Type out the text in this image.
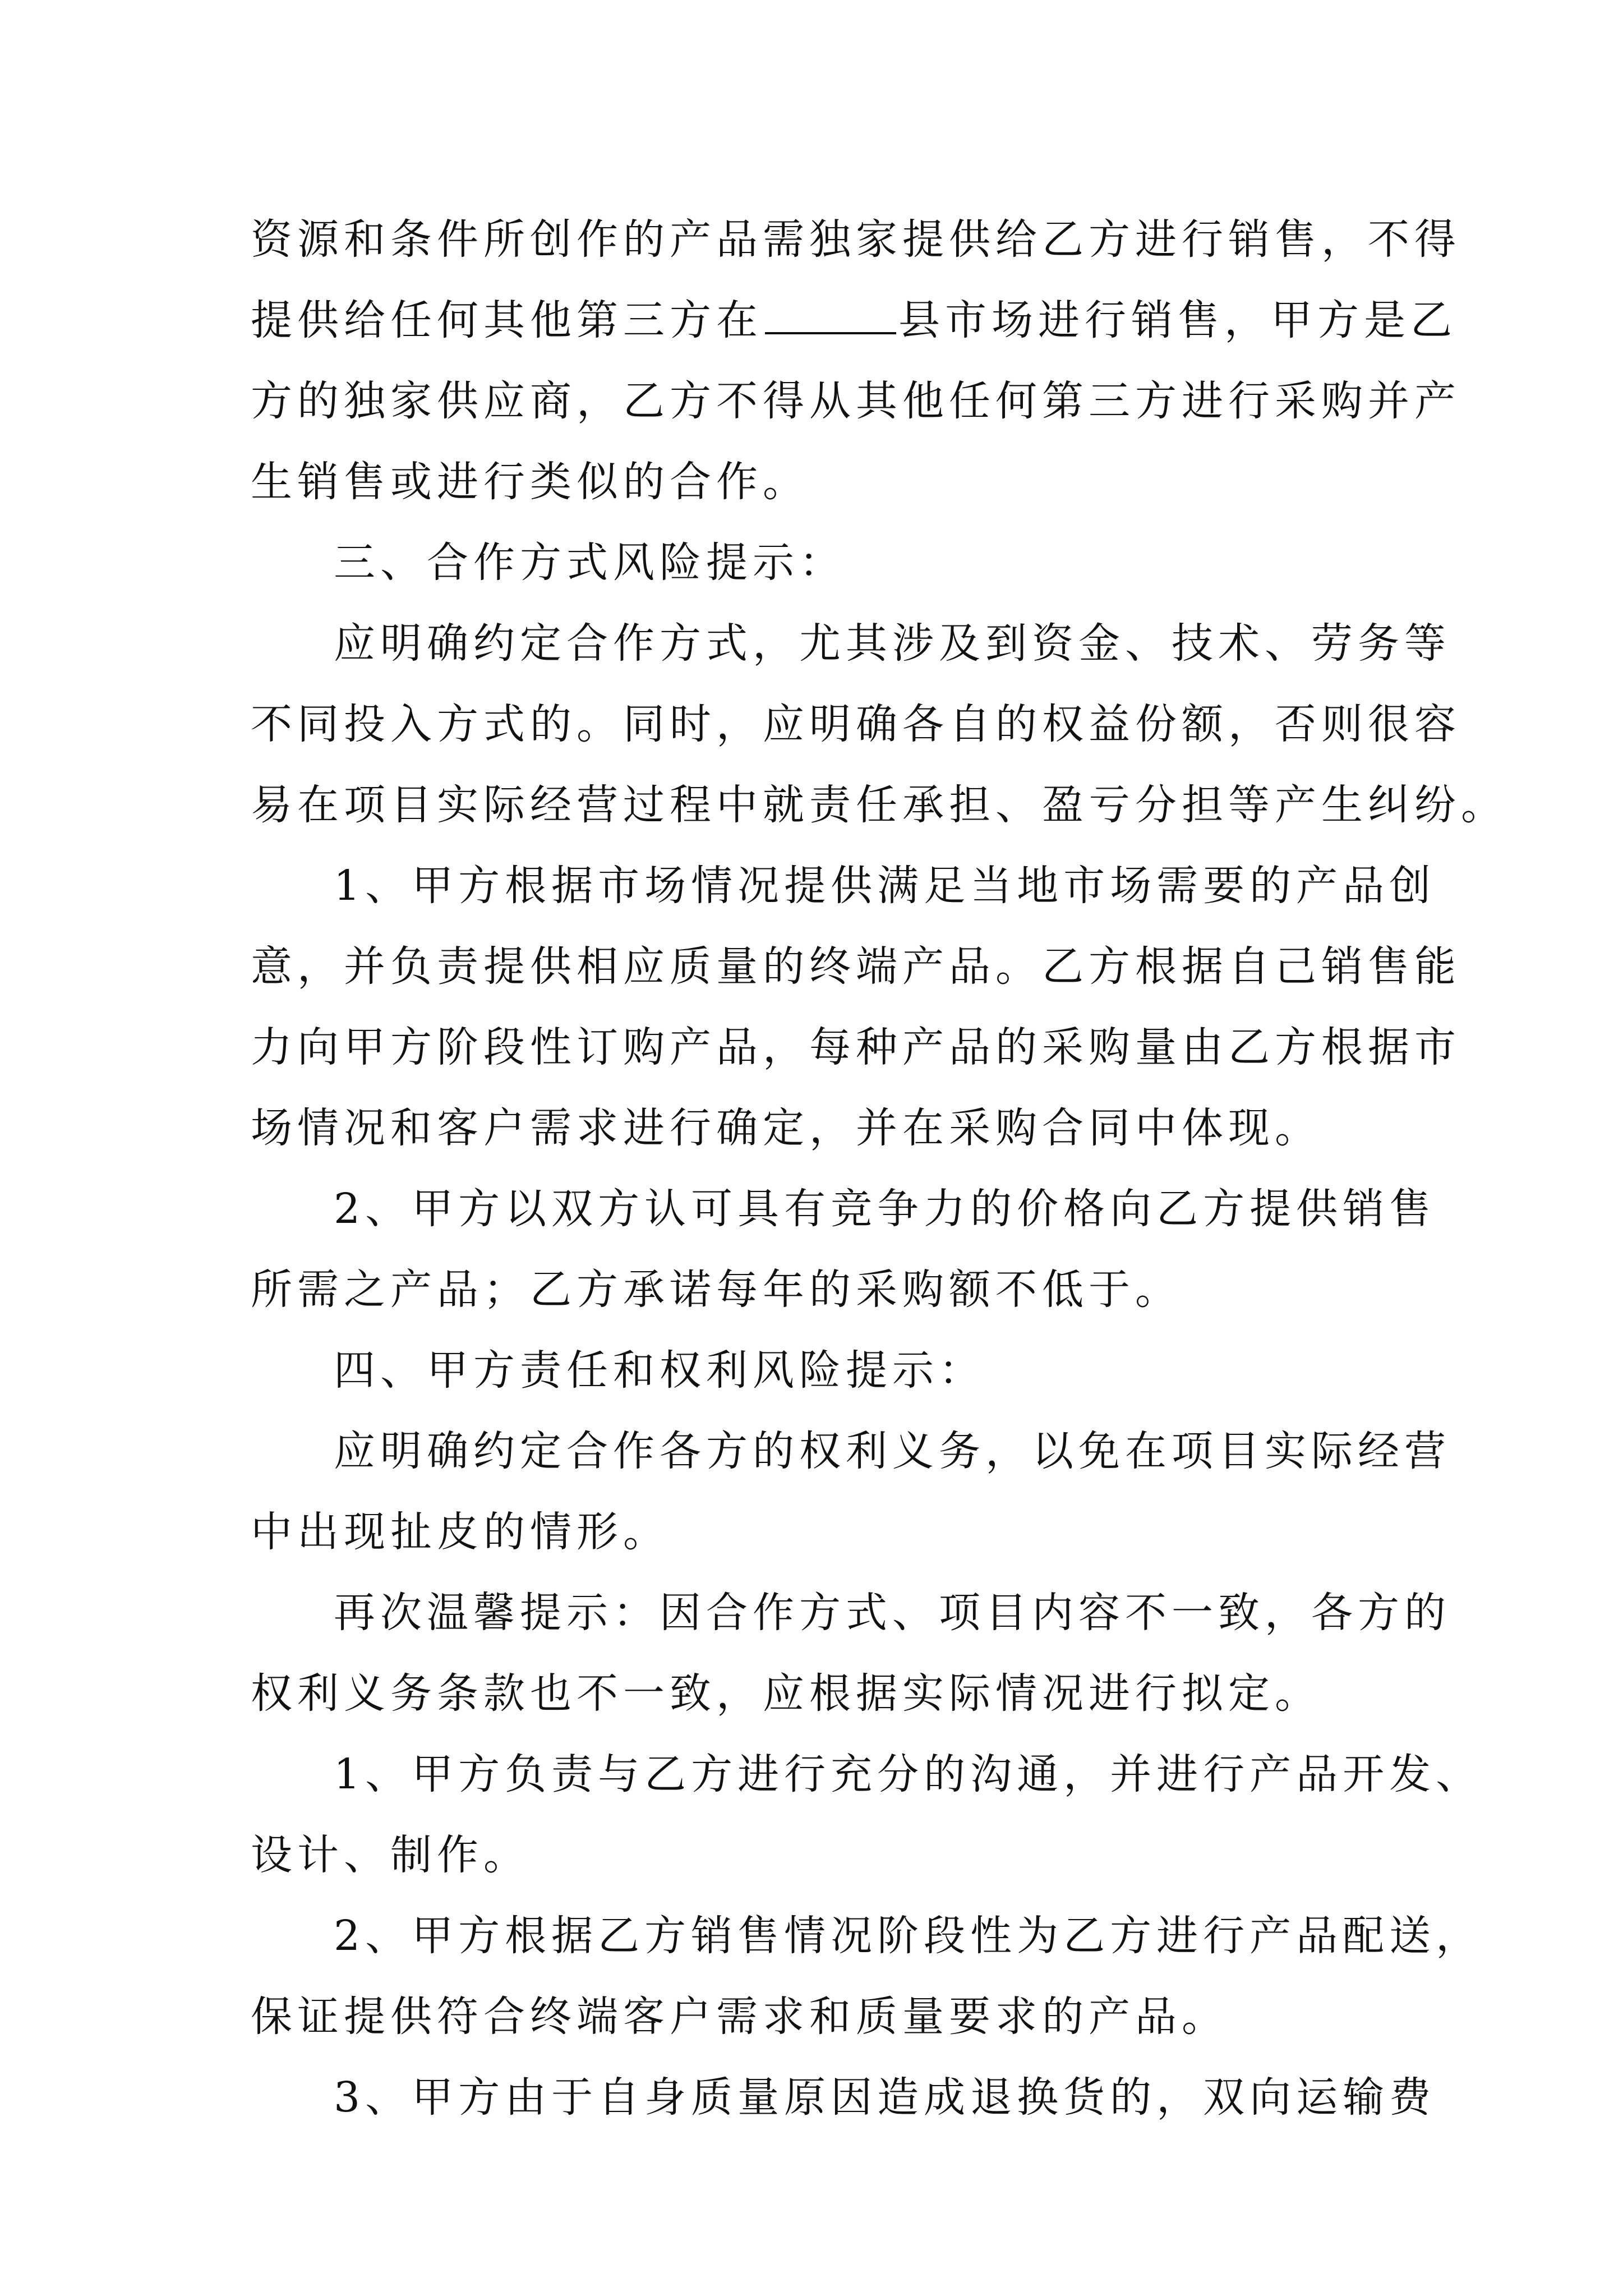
资源和条件所创作的产品需独家提供给乙方进行销售，不得
提供给任何其他第三方在	县市场进行销售，甲方是乙
方的独家供应商，乙方不得从其他任何第三方进行采购并产
生销售或进行类似的合作。
三、合作方式风险提示：
应明确约定合作方式，尤其涉及到资金、技术、劳务等
不同投入方式的。同时，应明确各自的权益份额，否则很容
易在项目实际经营过程中就责任承担、盈亏分担等产生纠纷。
1、甲方根据市场情况提供满足当地市场需要的产品创
意，并负责提供相应质量的终端产品。乙方根据自己销售能
力向甲方阶段性订购产品，每种产品的采购量由乙方根据市
场情况和客户需求进行确定，并在采购合同中体现。
2、甲方以双方认可具有竞争力的价格向乙方提供销售
所需之产品；乙方承诺每年的采购额不低于。
四、甲方责任和权利风险提示：
应明确约定合作各方的权利义务，以免在项目实际经营
中出现扯皮的情形。
再次温馨提示：因合作方式、项目内容不一致，各方的
权利义务条款也不一致，应根据实际情况进行拟定。
1、甲方负责与乙方进行充分的沟通，并进行产品开发、
设计、制作。
2、甲方根据乙方销售情况阶段性为乙方进行产品配送，
保证提供符合终端客户需求和质量要求的产品。
3、甲方由于自身质量原因造成退换货的，双向运输费
